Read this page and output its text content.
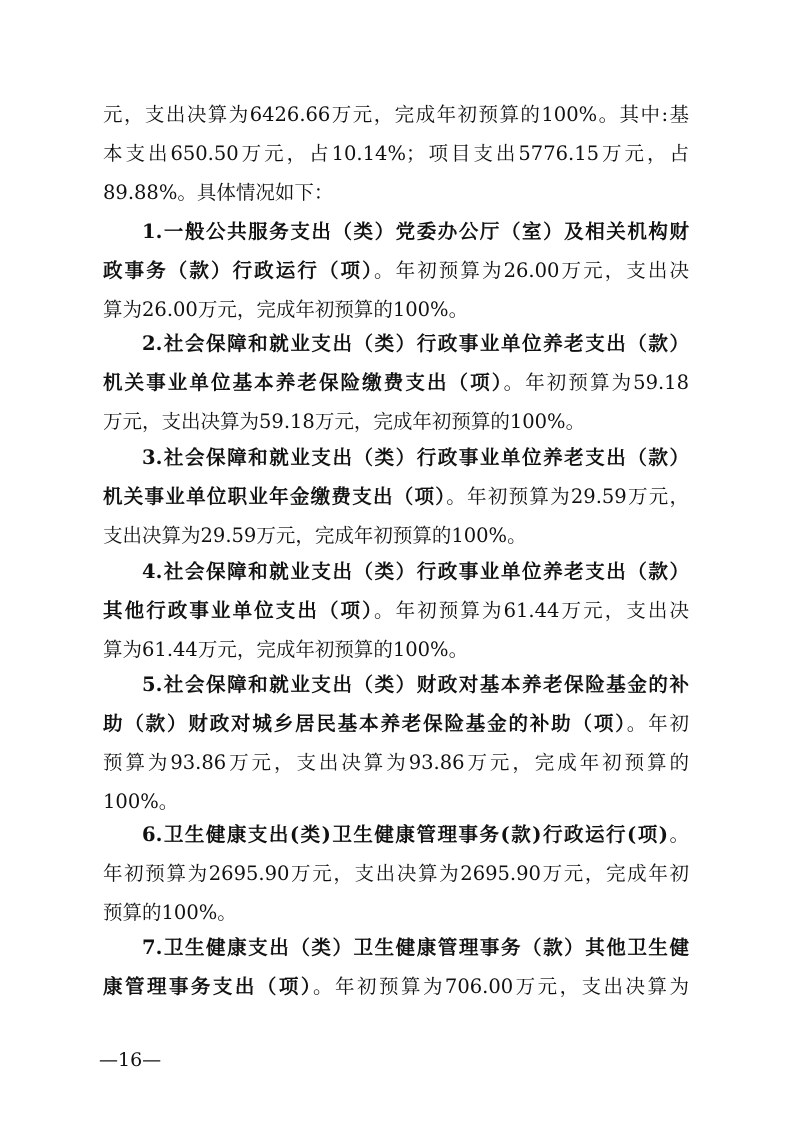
元，支出决算为6426.66万元，完成年初预算的100%。其中:基
本支出650.50万元，占10.14%；项目支出5776.15万元，占
89.88%。具体情况如下：
1.一般公共服务支出（类）党委办公厅（室）及相关机构财
政事务（款）行政运行（项）。年初预算为26.00万元，支出决
算为26.00万元，完成年初预算的100%。
2.社会保障和就业支出（类）行政事业单位养老支出（款）
机关事业单位基本养老保险缴费支出（项）。年初预算为59.18
万元，支出决算为59.18万元，完成年初预算的100%。
3.社会保障和就业支出（类）行政事业单位养老支出（款）
机关事业单位职业年金缴费支出（项）。年初预算为29.59万元，
支出决算为29.59万元，完成年初预算的100%。
4.社会保障和就业支出（类）行政事业单位养老支出（款）
其他行政事业单位支出（项）。年初预算为61.44万元，支出决
算为61.44万元，完成年初预算的100%。
5.社会保障和就业支出（类）财政对基本养老保险基金的补
助（款）财政对城乡居民基本养老保险基金的补助（项）。年初
预算为93.86万元，支出决算为93.86万元，完成年初预算的
100%。
6.卫生健康支出(类)卫生健康管理事务(款)行政运行(项)。
年初预算为2695.90万元，支出决算为2695.90万元，完成年初
预算的100%。
7.卫生健康支出（类）卫生健康管理事务（款）其他卫生健
康管理事务支出（项）。年初预算为706.00万元，支出决算为
—16—
